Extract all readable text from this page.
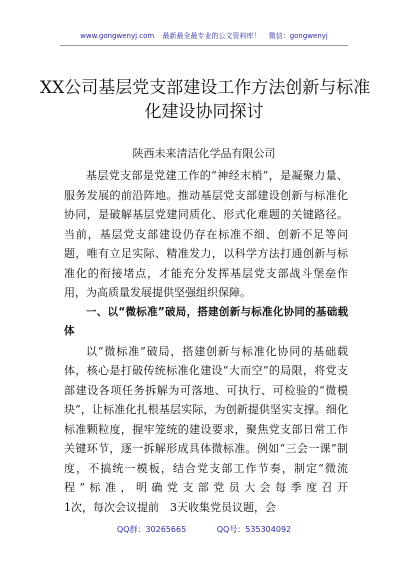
www.gongwenyj.com 最新最全最专业的公文资料库！ 微信：gongwenyj
XX公司基层党支部建设工作方法创新与标准
化建设协同探讨
陕西未来清洁化学品有限公司

基层党支部是党建工作的“神经末梢”，是凝聚力量、服务发展的前沿阵地。推动基层党支部建设创新与标准化协同，是破解基层党建同质化、形式化难题的关键路径。当前，基层党支部建设仍存在标准不细、创新不足等问题，唯有立足实际、精准发力，以科学方法打通创新与标准化的衔接堵点，才能充分发挥基层党支部战斗堡垒作用，为高质量发展提供坚强组织保障。

一、以“微标准”破局，搭建创新与标准化协同的基础载体

以“微标准”破局，搭建创新与标准化协同的基础载体，核心是打破传统标准化建设“大而空”的局限，将党支部建设各项任务拆解为可落地、可执行、可检验的“微模块”，让标准化扎根基层实际，为创新提供坚实支撑。细化标准颗粒度，握牢笼统的建设要求，聚焦党支部日常工作关键环节，逐一拆解形成具体微标准。例如“三会一课”制度，不搞统一模板，结合党支部工作节奏，制定“微流程”标准，明确党支部党员大会每季度召开　1次，每次会议提前　3天收集党员议题，会

QQ群：30265665	QQ号：535304092
